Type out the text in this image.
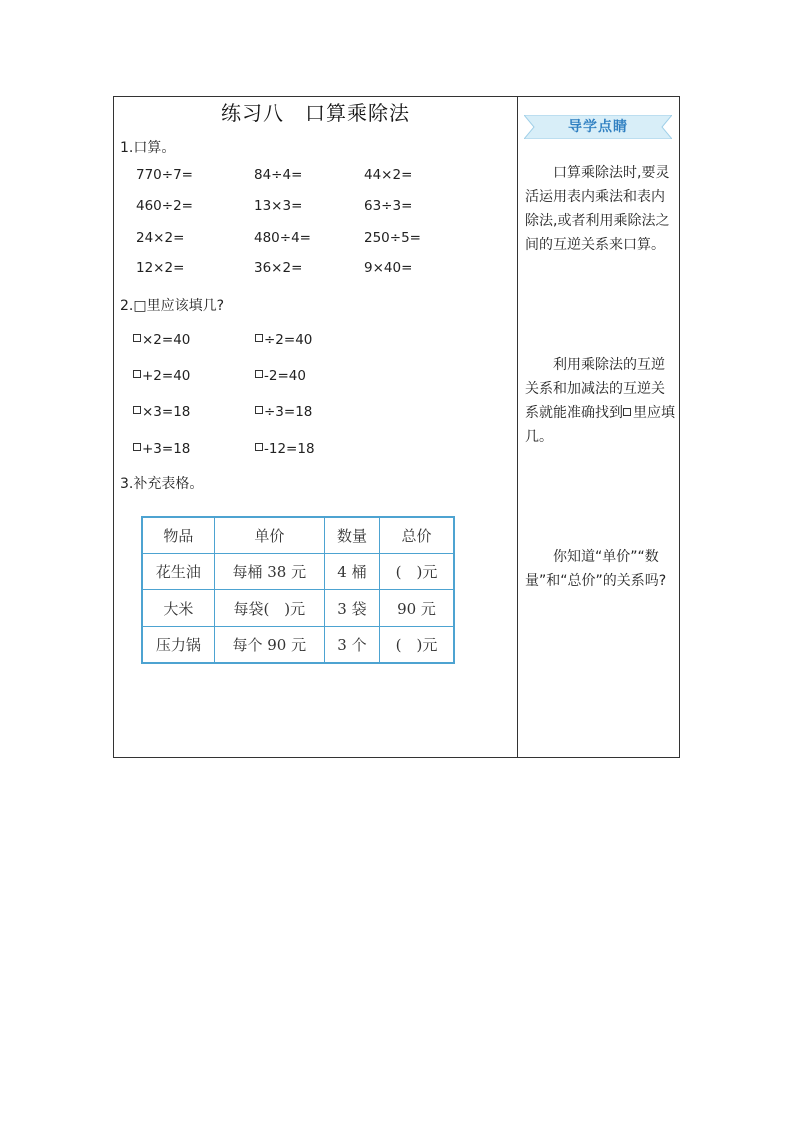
练习八　口算乘除法
1.口算。
770÷7=	84÷4=	44×2=
460÷2=	13×3=	63÷3=
24×2=	480÷4=	250÷5=
12×2=	36×2=	9×40=
2.□里应该填几?
×2=40	÷2=40
+2=40	-2=40
×3=18	÷3=18
+3=18	-12=18
3.补充表格。
物品	单价	数量	总价
花生油	每桶 38 元	4 桶	(　)元
大米	每袋(　)元	3 袋	90 元
压力锅	每个 90 元	3 个	(　)元
导学点睛
口算乘除法时,要灵活运用表内乘法和表内除法,或者利用乘除法之间的互逆关系来口算。
利用乘除法的互逆关系和加减法的互逆关系就能准确找到 里应填几。
你知道“单价”“数量”和“总价”的关系吗?
